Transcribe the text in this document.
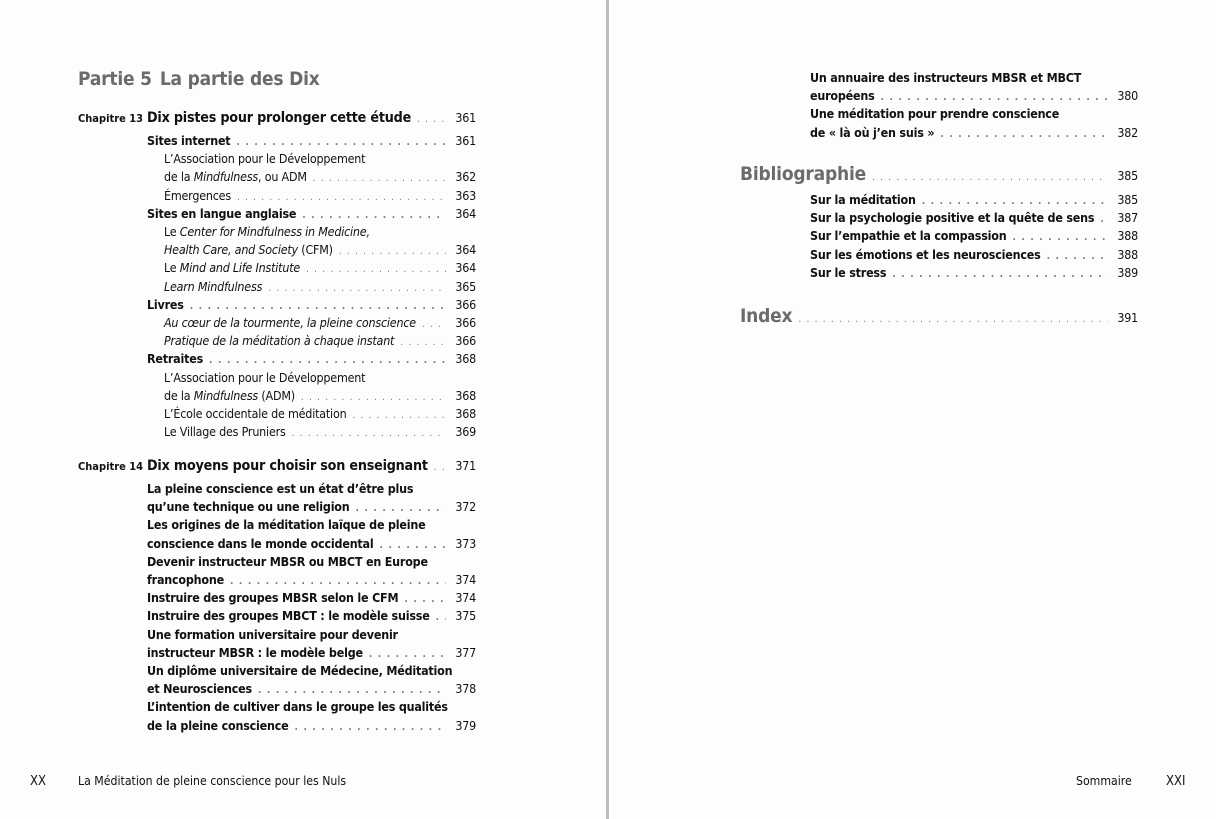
Partie 5 La partie des Dix
Chapitre 13 Dix pistes pour prolonger cette étude . . .	361
Sites internet . . .	361
L’Association pour le Développement
de la Mindfulness, ou ADM . . .	362
Émergences . . .	363
Sites en langue anglaise . . .	364
Le Center for Mindfulness in Medicine,
Health Care, and Society (CFM) . . .	364
Le Mind and Life Institute . . .	364
Learn Mindfulness . . .	365
Livres . . .	366
Au cœur de la tourmente, la pleine conscience . . .	366
Pratique de la méditation à chaque instant . . .	366
Retraites . . .	368
L’Association pour le Développement
de la Mindfulness (ADM) . . .	368
L’École occidentale de méditation . . .	368
Le Village des Pruniers . . .	369
Chapitre 14 Dix moyens pour choisir son enseignant . . .	371
La pleine conscience est un état d’être plus
qu’une technique ou une religion . . .	372
Les origines de la méditation laïque de pleine
conscience dans le monde occidental . . .	373
Devenir instructeur MBSR ou MBCT en Europe
francophone . . .	374
Instruire des groupes MBSR selon le CFM . . .	374
Instruire des groupes MBCT : le modèle suisse . . .	375
Une formation universitaire pour devenir
instructeur MBSR : le modèle belge . . .	377
Un diplôme universitaire de Médecine, Méditation
et Neurosciences . . .	378
L’intention de cultiver dans le groupe les qualités
de la pleine conscience . . .	379
XX	La Méditation de pleine conscience pour les Nuls
Un annuaire des instructeurs MBSR et MBCT
européens . . .	380
Une méditation pour prendre conscience
de « là où j’en suis » . . .	382
Bibliographie . . .	385
Sur la méditation . . .	385
Sur la psychologie positive et la quête de sens . . .	387
Sur l’empathie et la compassion . . .	388
Sur les émotions et les neurosciences . . .	388
Sur le stress . . .	389
Index . . .	391
Sommaire	XXI
